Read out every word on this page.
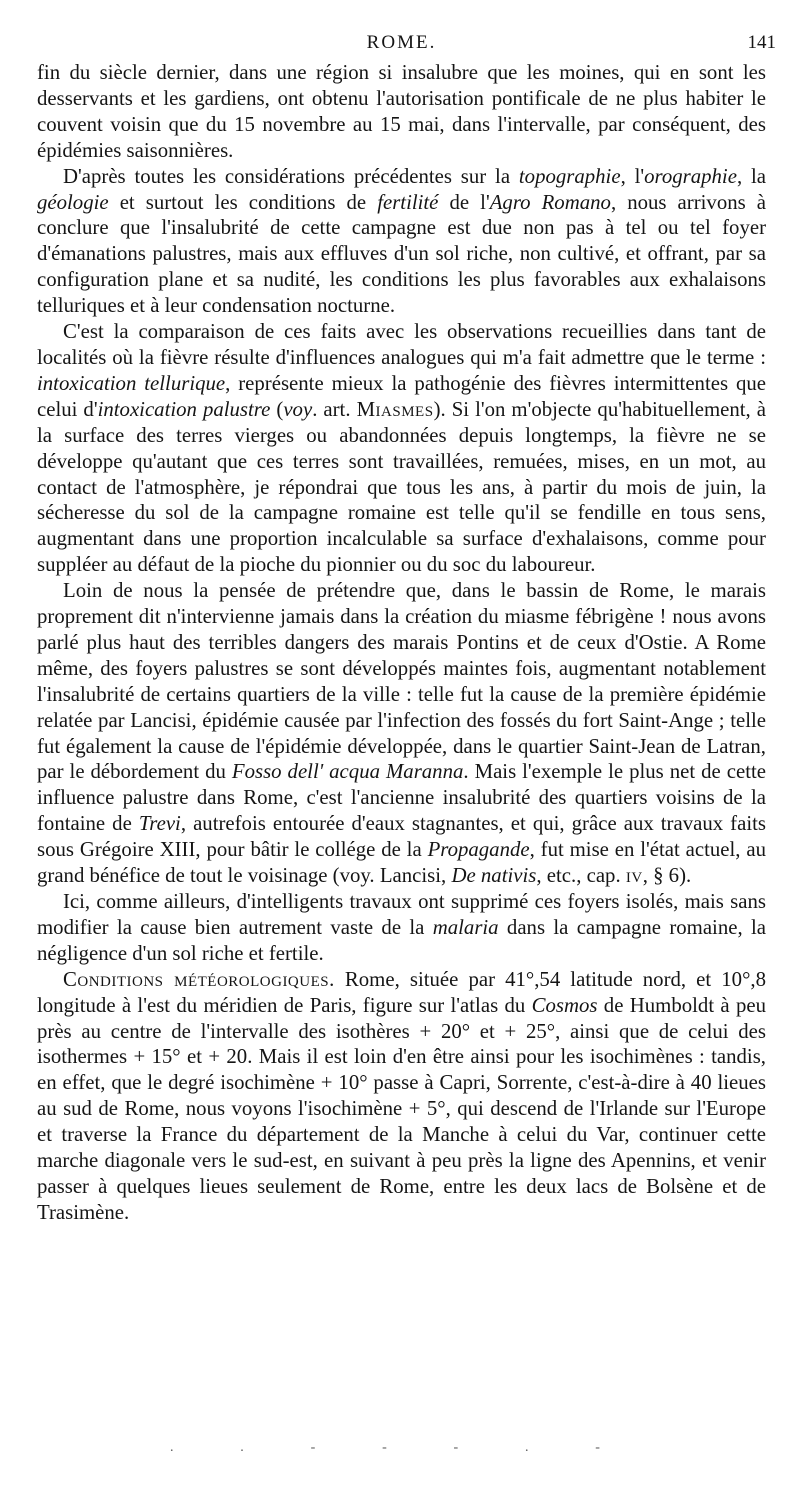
ROME.	141

fin du siècle dernier, dans une région si insalubre que les moines, qui en sont les desservants et les gardiens, ont obtenu l'autorisation pontificale de ne plus habiter le couvent voisin que du 15 novembre au 15 mai, dans l'intervalle, par conséquent, des épidémies saisonnières.

D'après toutes les considérations précédentes sur la topographie, l'orographie, la géologie et surtout les conditions de fertilité de l'Agro Romano, nous arrivons à conclure que l'insalubrité de cette campagne est due non pas à tel ou tel foyer d'émanations palustres, mais aux effluves d'un sol riche, non cultivé, et offrant, par sa configuration plane et sa nudité, les conditions les plus favorables aux exhalaisons telluriques et à leur condensation nocturne.

C'est la comparaison de ces faits avec les observations recueillies dans tant de localités où la fièvre résulte d'influences analogues qui m'a fait admettre que le terme : intoxication tellurique, représente mieux la pathogénie des fièvres intermittentes que celui d'intoxication palustre (voy. art. Miasmes). Si l'on m'objecte qu'habituellement, à la surface des terres vierges ou abandonnées depuis longtemps, la fièvre ne se développe qu'autant que ces terres sont travaillées, remuées, mises, en un mot, au contact de l'atmosphère, je répondrai que tous les ans, à partir du mois de juin, la sécheresse du sol de la campagne romaine est telle qu'il se fendille en tous sens, augmentant dans une proportion incalculable sa surface d'exhalaisons, comme pour suppléer au défaut de la pioche du pionnier ou du soc du laboureur.

Loin de nous la pensée de prétendre que, dans le bassin de Rome, le marais proprement dit n'intervienne jamais dans la création du miasme fébrigène ! nous avons parlé plus haut des terribles dangers des marais Pontins et de ceux d'Ostie. A Rome même, des foyers palustres se sont développés maintes fois, augmentant notablement l'insalubrité de certains quartiers de la ville : telle fut la cause de la première épidémie relatée par Lancisi, épidémie causée par l'infection des fossés du fort Saint-Ange ; telle fut également la cause de l'épidémie développée, dans le quartier Saint-Jean de Latran, par le débordement du Fosso dell' acqua Maranna. Mais l'exemple le plus net de cette influence palustre dans Rome, c'est l'ancienne insalubrité des quartiers voisins de la fontaine de Trevi, autrefois entourée d'eaux stagnantes, et qui, grâce aux travaux faits sous Grégoire XIII, pour bâtir le collége de la Propagande, fut mise en l'état actuel, au grand bénéfice de tout le voisinage (voy. Lancisi, De nativis, etc., cap. iv, § 6).

Ici, comme ailleurs, d'intelligents travaux ont supprimé ces foyers isolés, mais sans modifier la cause bien autrement vaste de la malaria dans la campagne romaine, la négligence d'un sol riche et fertile.

Conditions météorologiques. Rome, située par 41°,54 latitude nord, et 10°,8 longitude à l'est du méridien de Paris, figure sur l'atlas du Cosmos de Humboldt à peu près au centre de l'intervalle des isothères + 20° et + 25°, ainsi que de celui des isothermes + 15° et + 20. Mais il est loin d'en être ainsi pour les isochimènes : tandis, en effet, que le degré isochimène + 10° passe à Capri, Sorrente, c'est-à-dire à 40 lieues au sud de Rome, nous voyons l'isochimène + 5°, qui descend de l'Irlande sur l'Europe et traverse la France du département de la Manche à celui du Var, continuer cette marche diagonale vers le sud-est, en suivant à peu près la ligne des Apennins, et venir passer à quelques lieues seulement de Rome, entre les deux lacs de Bolsène et de Trasimène.

.	.	-	-	-	.	-
